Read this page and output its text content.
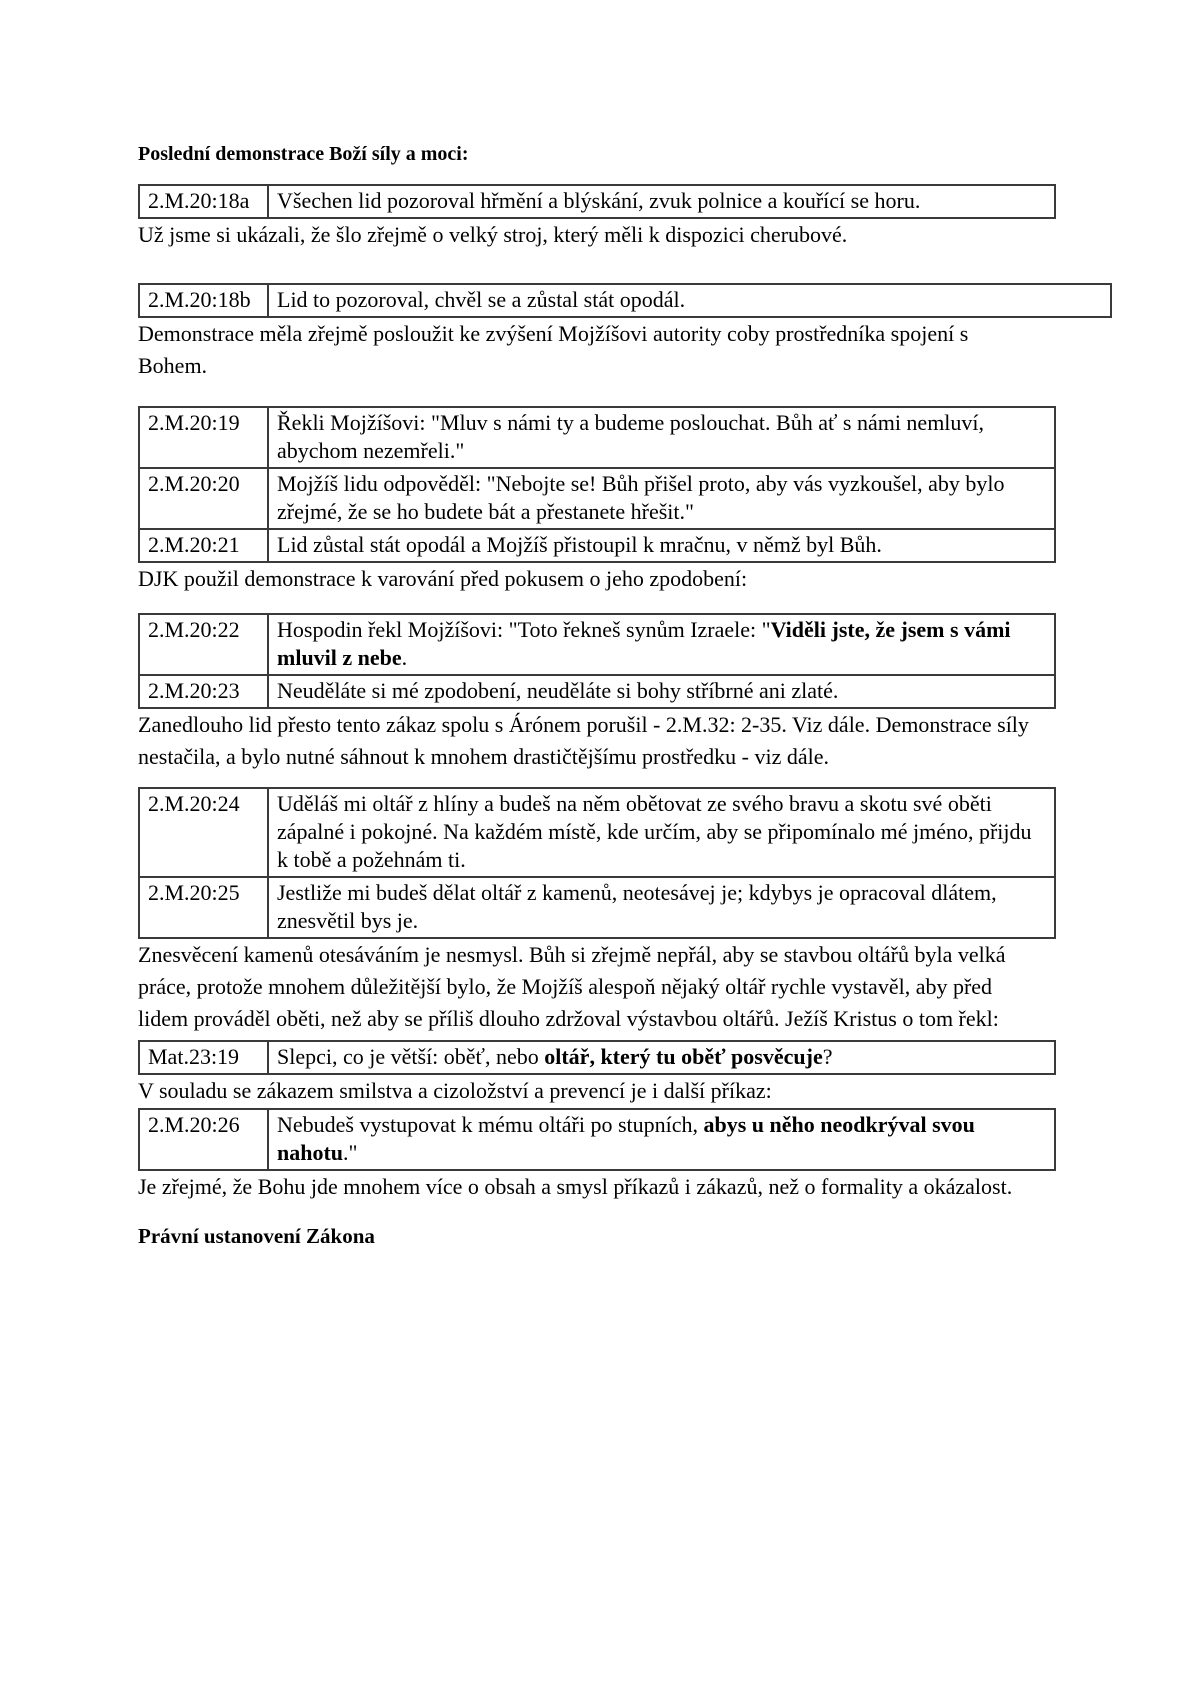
Poslední demonstrace Boží síly a moci:
2.M.20:18a	Všechen lid pozoroval hřmění a blýskání, zvuk polnice a kouřící se horu.

Už jsme si ukázali, že šlo zřejmě o velký stroj, který měli k dispozici cherubové.

2.M.20:18b	Lid to pozoroval, chvěl se a zůstal stát opodál.

Demonstrace měla zřejmě posloužit ke zvýšení Mojžíšovi autority coby prostředníka spojení s Bohem.

2.M.20:19	Řekli Mojžíšovi: "Mluv s námi ty a budeme poslouchat. Bůh ať s námi nemluví, abychom nezemřeli."
2.M.20:20	Mojžíš lidu odpověděl: "Nebojte se! Bůh přišel proto, aby vás vyzkoušel, aby bylo zřejmé, že se ho budete bát a přestanete hřešit."
2.M.20:21	Lid zůstal stát opodál a Mojžíš přistoupil k mračnu, v němž byl Bůh.

DJK použil demonstrace k varování před pokusem o jeho zpodobení:

2.M.20:22	Hospodin řekl Mojžíšovi: "Toto řekneš synům Izraele: "Viděli jste, že jsem s vámi mluvil z nebe.
2.M.20:23	Neuděláte si mé zpodobení, neuděláte si bohy stříbrné ani zlaté.

Zanedlouho lid přesto tento zákaz spolu s Árónem porušil - 2.M.32: 2-35. Viz dále. Demonstrace síly nestačila, a bylo nutné sáhnout k mnohem drastičtějšímu prostředku - viz dále.

2.M.20:24	Uděláš mi oltář z hlíny a budeš na něm obětovat ze svého bravu a skotu své oběti zápalné i pokojné. Na každém místě, kde určím, aby se připomínalo mé jméno, přijdu k tobě a požehnám ti.
2.M.20:25	Jestliže mi budeš dělat oltář z kamenů, neotesávej je; kdybys je opracoval dlátem, znesvětil bys je.

Znesvěcení kamenů otesáváním je nesmysl. Bůh si zřejmě nepřál, aby se stavbou oltářů byla velká práce, protože mnohem důležitější bylo, že Mojžíš alespoň nějaký oltář rychle vystavěl, aby před lidem prováděl oběti, než aby se příliš dlouho zdržoval výstavbou oltářů. Ježíš Kristus o tom řekl:

Mat.23:19	Slepci, co je větší: oběť, nebo oltář, který tu oběť posvěcuje?

V souladu se zákazem smilstva a cizoložství a prevencí je i další příkaz:

2.M.20:26	Nebudeš vystupovat k mému oltáři po stupních, abys u něho neodkrýval svou nahotu."

Je zřejmé, že Bohu jde mnohem více o obsah a smysl příkazů i zákazů, než o formality a okázalost.

Právní ustanovení Zákona
